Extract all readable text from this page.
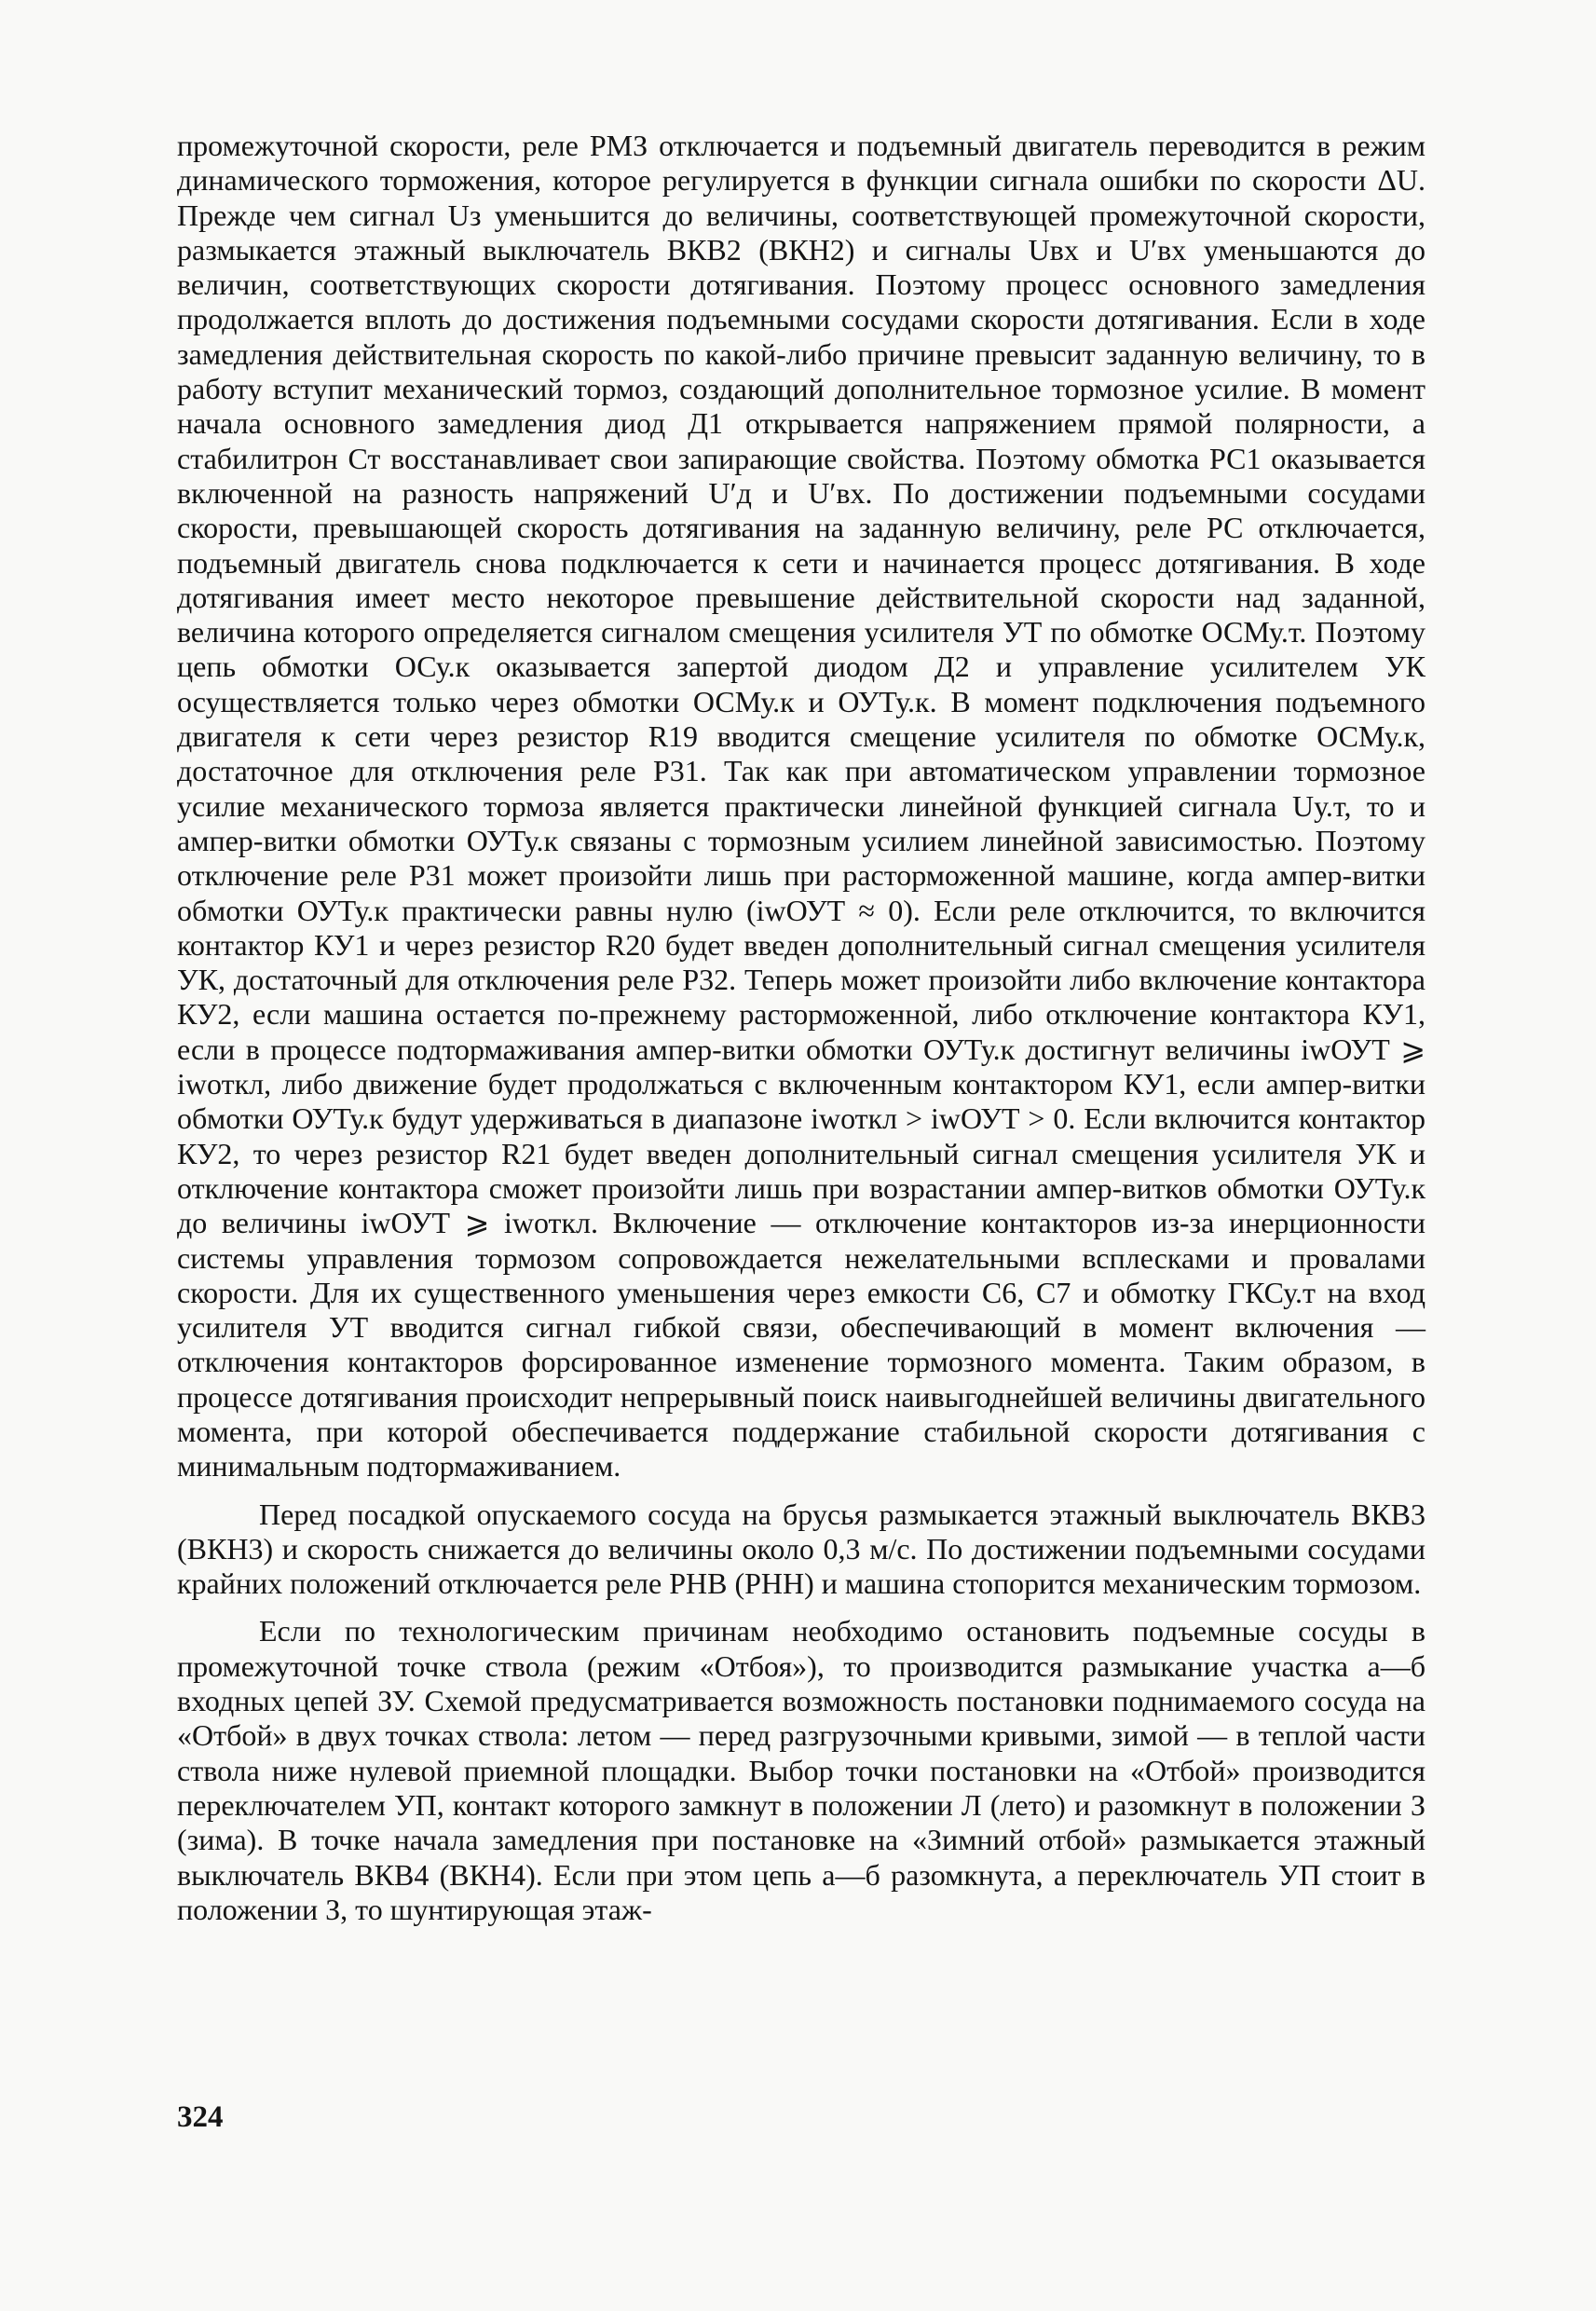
промежуточной скорости, реле РМЗ отключается и подъемный двигатель переводится в режим динамического торможения, которое регулируется в функции сигнала ошибки по скорости ΔU. Прежде чем сигнал Uз уменьшится до величины, соответствующей промежуточной скорости, размыкается этажный выключатель ВКВ2 (ВКН2) и сигналы Uвх и U′вх уменьшаются до величин, соответствующих скорости дотягивания. Поэтому процесс основного замедления продолжается вплоть до достижения подъемными сосудами скорости дотягивания. Если в ходе замедления действительная скорость по какой-либо причине превысит заданную величину, то в работу вступит механический тормоз, создающий дополнительное тормозное усилие. В момент начала основного замедления диод Д1 открывается напряжением прямой полярности, а стабилитрон Ст восстанавливает свои запирающие свойства. Поэтому обмотка РС1 оказывается включенной на разность напряжений U′д и U′вх. По достижении подъемными сосудами скорости, превышающей скорость дотягивания на заданную величину, реле РС отключается, подъемный двигатель снова подключается к сети и начинается процесс дотягивания. В ходе дотягивания имеет место некоторое превышение действительной скорости над заданной, величина которого определяется сигналом смещения усилителя УТ по обмотке ОСМу.т. Поэтому цепь обмотки ОСу.к оказывается запертой диодом Д2 и управление усилителем УК осуществляется только через обмотки ОСМу.к и ОУТу.к. В момент подключения подъемного двигателя к сети через резистор R19 вводится смещение усилителя по обмотке ОСМу.к, достаточное для отключения реле Р31. Так как при автоматическом управлении тормозное усилие механического тормоза является практически линейной функцией сигнала Uу.т, то и ампер-витки обмотки ОУТу.к связаны с тормозным усилием линейной зависимостью. Поэтому отключение реле Р31 может произойти лишь при расторможенной машине, когда ампер-витки обмотки ОУТу.к практически равны нулю (iwОУТ ≈ 0). Если реле отключится, то включится контактор КУ1 и через резистор R20 будет введен дополнительный сигнал смещения усилителя УК, достаточный для отключения реле Р32. Теперь может произойти либо включение контактора КУ2, если машина остается по-прежнему расторможенной, либо отключение контактора КУ1, если в процессе подтормаживания ампер-витки обмотки ОУТу.к достигнут величины iwОУТ ⩾ iwоткл, либо движение будет продолжаться с включенным контактором КУ1, если ампер-витки обмотки ОУТу.к будут удерживаться в диапазоне iwоткл > iwОУТ > 0. Если включится контактор КУ2, то через резистор R21 будет введен дополнительный сигнал смещения усилителя УК и отключение контактора сможет произойти лишь при возрастании ампер-витков обмотки ОУТу.к до величины iwОУТ ⩾ iwоткл. Включение — отключение контакторов из-за инерционности системы управления тормозом сопровождается нежелательными всплесками и провалами скорости. Для их существенного уменьшения через емкости С6, С7 и обмотку ГКСу.т на вход усилителя УТ вводится сигнал гибкой связи, обеспечивающий в момент включения — отключения контакторов форсированное изменение тормозного момента. Таким образом, в процессе дотягивания происходит непрерывный поиск наивыгоднейшей величины двигательного момента, при которой обеспечивается поддержание стабильной скорости дотягивания с минимальным подтормаживанием.

Перед посадкой опускаемого сосуда на брусья размыкается этажный выключатель ВКВ3 (ВКН3) и скорость снижается до величины около 0,3 м/с. По достижении подъемными сосудами крайних положений отключается реле РНВ (РНН) и машина стопорится механическим тормозом.

Если по технологическим причинам необходимо остановить подъемные сосуды в промежуточной точке ствола (режим «Отбоя»), то производится размыкание участка а—б входных цепей ЗУ. Схемой предусматривается возможность постановки поднимаемого сосуда на «Отбой» в двух точках ствола: летом — перед разгрузочными кривыми, зимой — в теплой части ствола ниже нулевой приемной площадки. Выбор точки постановки на «Отбой» производится переключателем УП, контакт которого замкнут в положении Л (лето) и разомкнут в положении З (зима). В точке начала замедления при постановке на «Зимний отбой» размыкается этажный выключатель ВКВ4 (ВКН4). Если при этом цепь а—б разомкнута, а переключатель УП стоит в положении З, то шунтирующая этаж-

324
